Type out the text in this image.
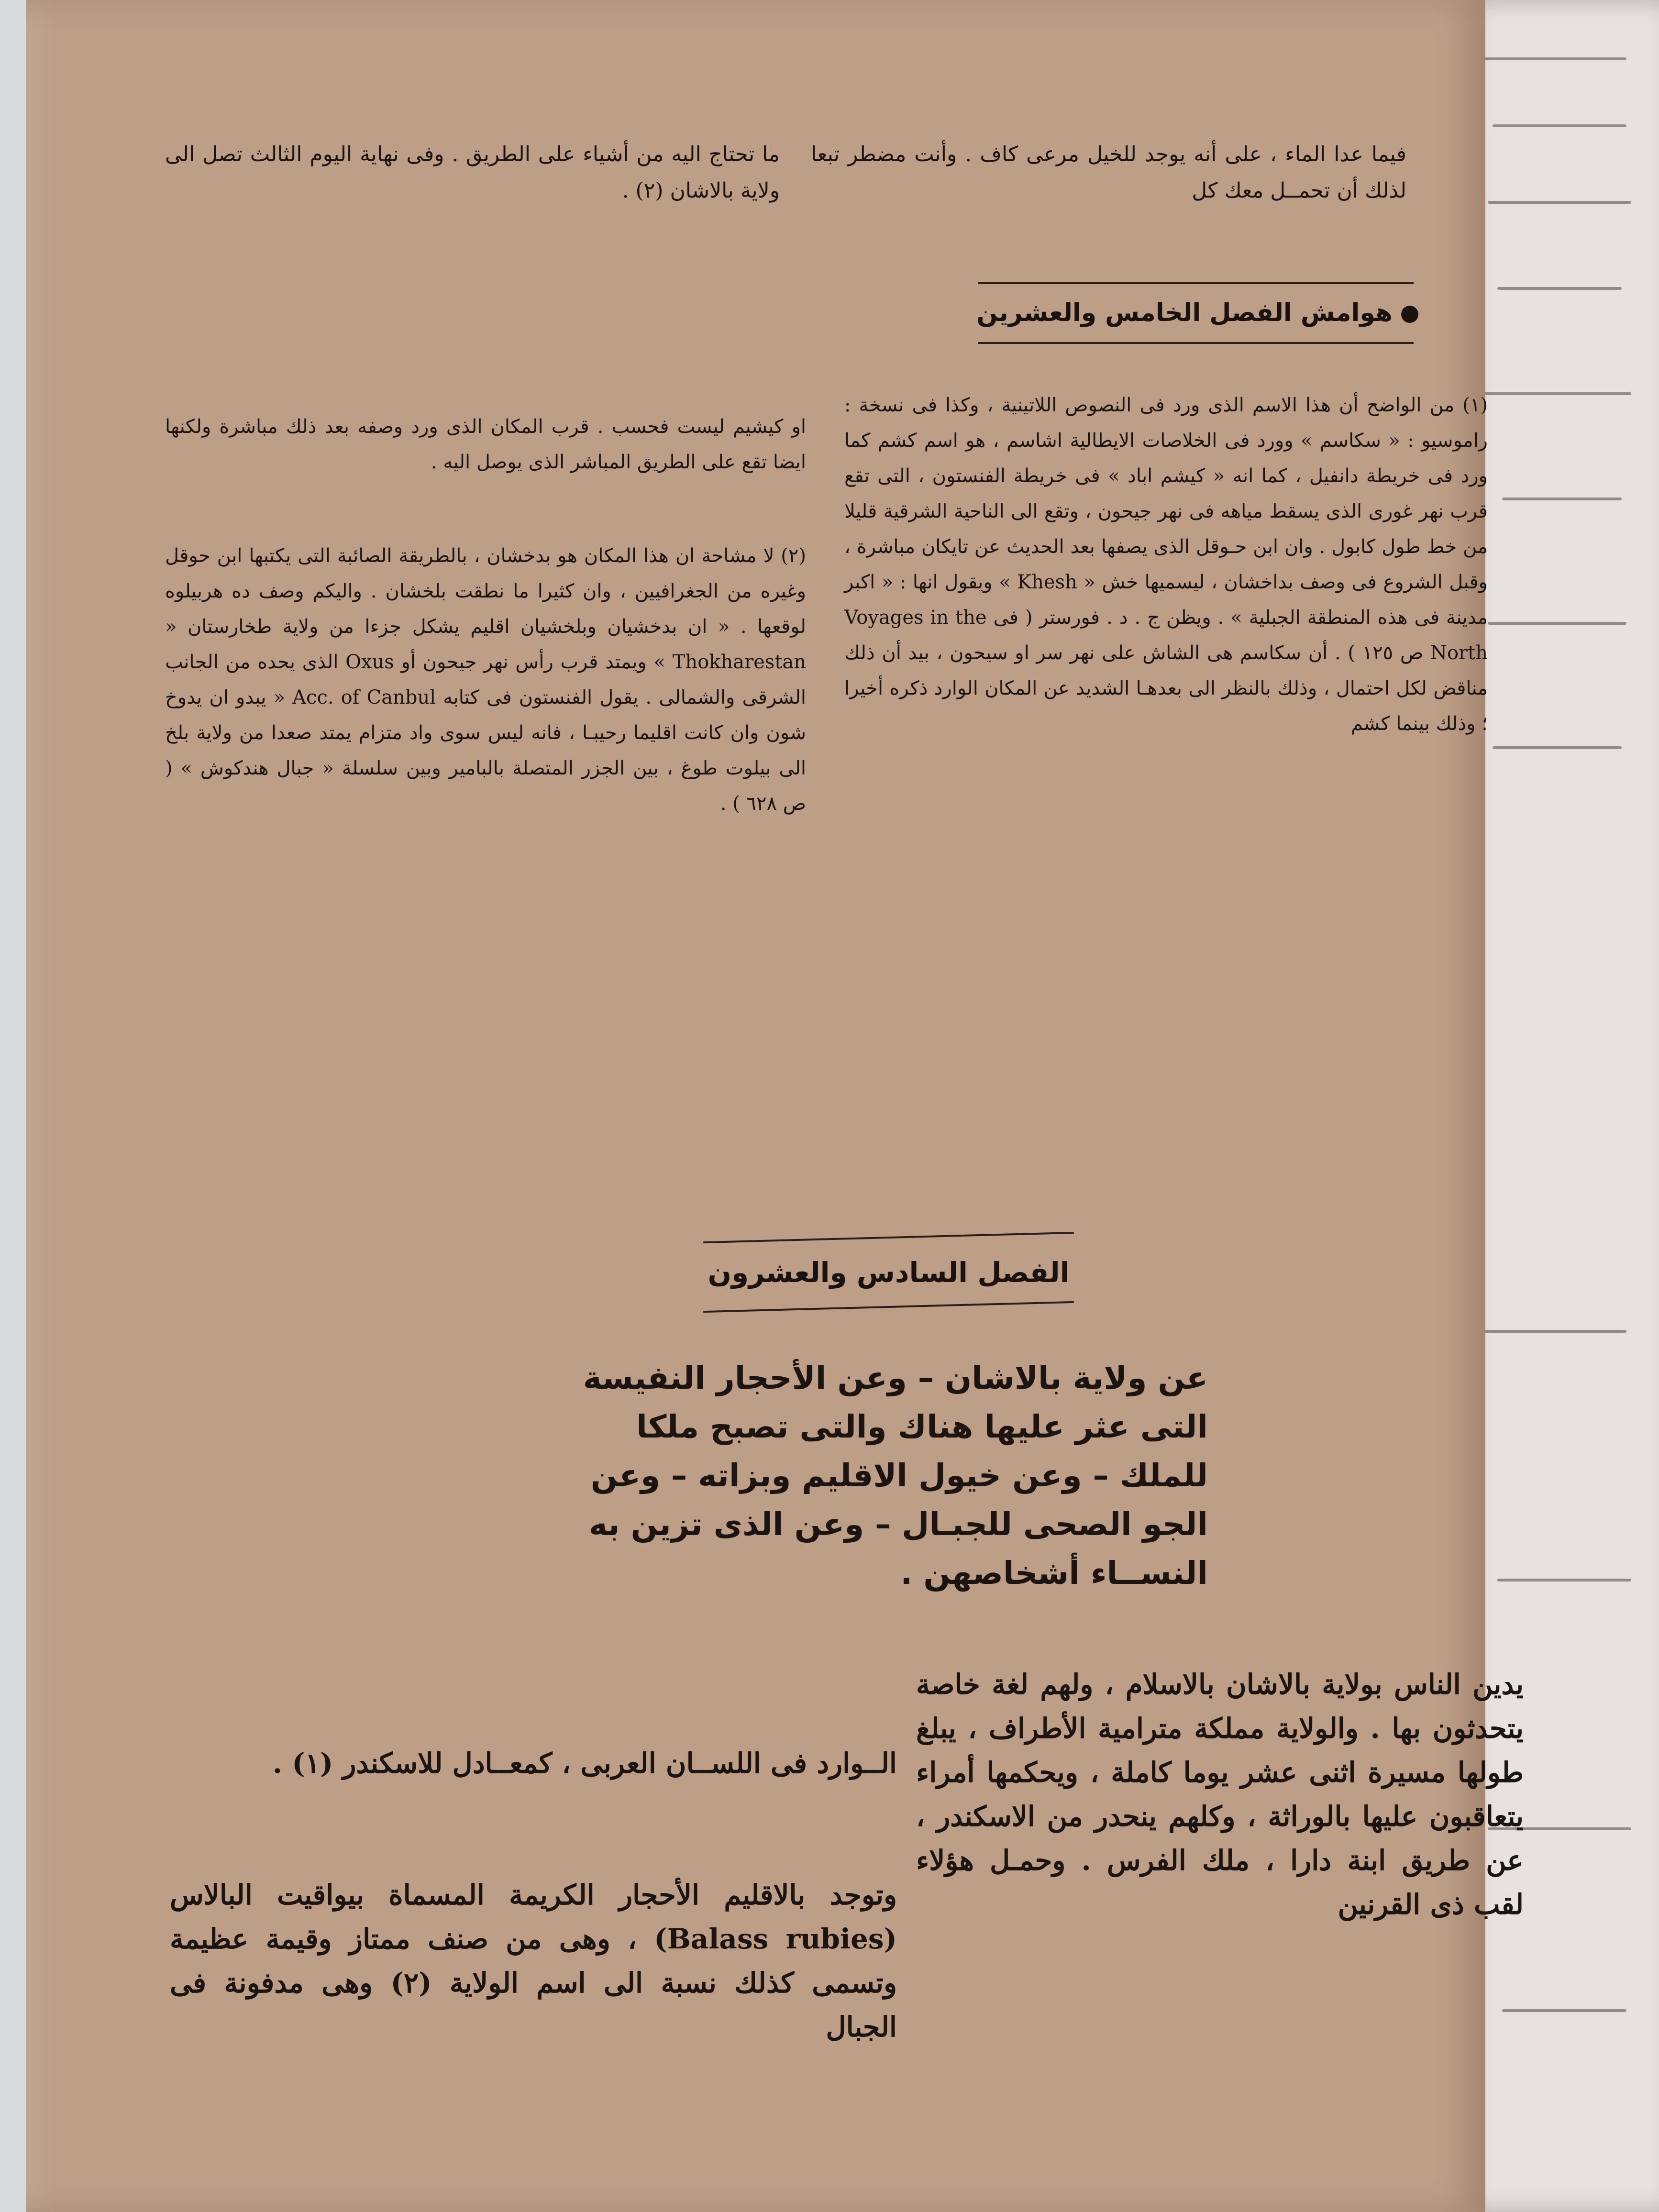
فيما عدا الماء ، على أنه يوجد للخيل مرعى كاف . وأنت مضطر تبعا لذلك أن تحمــل معك كل

ما تحتاج اليه من أشياء على الطريق . وفى نهاية اليوم الثالث تصل الى ولاية بالاشان (٢) .

هوامش الفصل الخامس والعشرين

(١) من الواضح أن هذا الاسم الذى ورد فى النصوص اللاتينية ، وكذا فى نسخة : راموسيو : « سكاسم » وورد فى الخلاصات الايطالية اشاسم ، هو اسم كشم كما ورد فى خريطة دانفيل ، كما انه « كيشم اباد » فى خريطة الفنستون ، التى تقع قرب نهر غورى الذى يسقط مياهه فى نهر جيحون ، وتقع الى الناحية الشرقية قليلا من خط طول كابول . وان ابن حـوقل الذى يصفها بعد الحديث عن تايكان مباشرة ، وقبل الشروع فى وصف بداخشان ، ليسميها خش « Khesh » ويقول انها : « اكبر مدينة فى هذه المنطقة الجبلية » . ويظن ج . د . فورستر ( فى Voyages in the North ص ١٢٥ ) . أن سكاسم هى الشاش على نهر سر او سيحون ، بيد أن ذلك مناقض لكل احتمال ، وذلك بالنظر الى بعدهـا الشديد عن المكان الوارد ذكره أخيرا ؛ وذلك بينما كشم

او كيشيم ليست فحسب . قرب المكان الذى ورد وصفه بعد ذلك مباشرة ولكنها ايضا تقع على الطريق المباشر الذى يوصل اليه .

(٢) لا مشاحة ان هذا المكان هو بدخشان ، بالطريقة الصائبة التى يكتبها ابن حوقل وغيره من الجغرافيين ، وان كثيرا ما نطقت بلخشان . واليكم وصف ده هربيلوه لوقعها . « ان بدخشيان وبلخشيان اقليم يشكل جزءا من ولاية طخارستان « Thokharestan » ويمتد قرب رأس نهر جيحون أو Oxus الذى يحده من الجانب الشرقى والشمالى . يقول الفنستون فى كتابه Acc. of Canbul « يبدو ان يدوخ شون وان كانت اقليما رحيبـا ، فانه ليس سوى واد متزام يمتد صعدا من ولاية بلخ الى بيلوت طوغ ، بين الجزر المتصلة بالبامير وبين سلسلة « جبال هندكوش » ( ص ٦٢٨ ) .

الفصل السادس والعشرون

عن ولاية بالاشان – وعن الأحجار النفيسة التى عثر عليها هناك والتى تصبح ملكا للملك – وعن خيول الاقليم وبزاته – وعن الجو الصحى للجبـال – وعن الذى تزين به النســاء أشخاصهن .

يدين الناس بولاية بالاشان بالاسلام ، ولهم لغة خاصة يتحدثون بها . والولاية مملكة مترامية الأطراف ، يبلغ طولها مسيرة اثنى عشر يوما كاملة ، ويحكمها أمراء يتعاقبون عليها بالوراثة ، وكلهم ينحدر من الاسكندر ، عن طريق ابنة دارا ، ملك الفرس . وحمـل هؤلاء لقب ذى القرنين

الــوارد فى اللســان العربى ، كمعــادل للاسكندر (١) .

وتوجد بالاقليم الأحجار الكريمة المسماة بيواقيت البالاس (Balass rubies) ، وهى من صنف ممتاز وقيمة عظيمة وتسمى كذلك نسبة الى اسم الولاية (٢) وهى مدفونة فى الجبال
